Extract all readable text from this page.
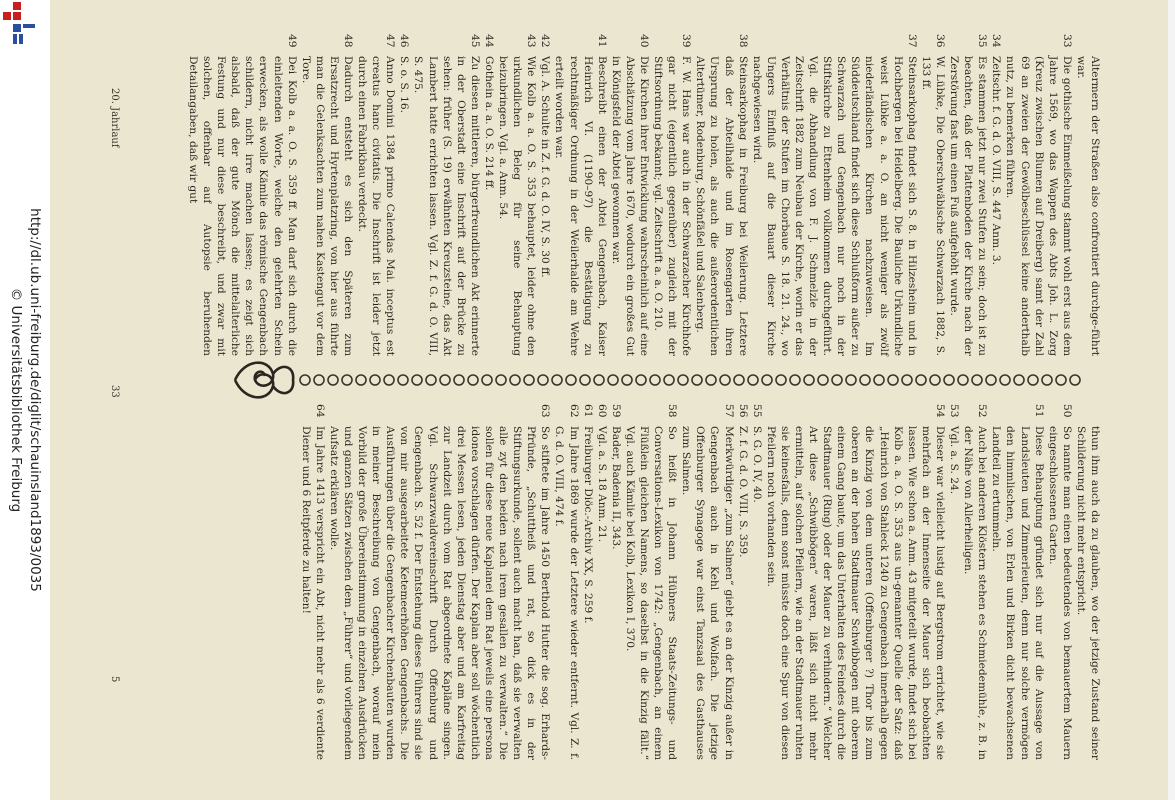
http://dl.ub.uni-freiburg.de/diglit/schauinsland1893/0035
© Universitätsbibliothek Freiburg
Altermern der Straßen also confrontiert durchge-führt war.
33Die gothische Einmeißelung stammt wohl erst aus dem Jahre 1569, wo das Wappen des Abts Joh. L. Zorg (Kreuz zwischen Blumen auf Dreiberg) samt der Zahl 69 an zweien der Gewölbeschlüssel keine anderthalb nutz, zu bemerken führen.
34Zeitschr. f. G. d. O. VIII, S. 447 Anm. 3.
35Es stammen jetzt nur zwei Stufen zu sein; doch ist zu beachten, daß der Plattenboden der Kirche nach der Zerstörung fast um einen Fuß aufgehöht wurde.
36W. Lübke, Die Oberschwäbische Schwarzach 1882, S. 133 ff.
37Steinsarkophag findet sich S. 8. in Hilzesheim und in Hochbergen bei Heidelberg. Die Bauliche Urkundliche weist Lübke a. a. O. an nicht weniger als zwölf niederländischen Kirchen nachzuweisen. Im Süddeutschland findet sich diese Schlußform außer zu Schwarzach und Gengenbach nur noch in der Stiftskirche zu Ettenheim vollkommen durchgeführt. Vgl. die Abhandlung von F. J. Schmelzle in der Zeitschrift 1882 zum Neubau der Kirche, worin er das Verhältnis der Stufen im Chorbaue S. 18. 21. 24., wo Ungers Einfluß auf die Bauart dieser Kirche nachgewiesen wird.
38Steinsarkophag in Freiburg bei Weilerung. Letztere daß der Abteilhalde und im Rosengarten ihren Ursprung zu holen, als auch die außerordentlichen Altertümer, Rodenburg, Schönfäßel und Salenberg.
39F. W. Hans war auch in der Schwarzacher Kirchhofe gar nicht (eigentlich gegenüber) zugleich mit der Stiftsordnung bekannt; vgl. Zeitschrift a. a. O. 210.
40Die Kirchen ihrer Entwicklung wahrscheinlich auf eine Abschätzung vom Jahre 1670, wodurch ein großes Gut in Königsfeld der Abtei gewonnen war.
41Beschreibt einen der Abtei Gengenbach, Kaiser Heinrich VI. (1190–97) die Bestätigung zu rechtmäßiger Ordnung in der Weilerhalde am Wehre erteilt worden war.
42Vgl. A. Schulte in Z. f. G. d. O. IV, S. 30 ff.
43Wie Kolb a. a. O. S. 353 behauptet, leider ohne den urkundlichen Beleg für seine Behauptung beizubringen. Vgl. a. Anm. 54.
44Gothein a. a. O. S. 214 ff.
45Zu diesen mittleren, bürgerfreundlichen Akt erinnerte in der Oberstadt eine Inschrift auf der Brücke zu sehen: früher (S. 19) erwähnten Kreuzsteine, das Akt Lambert hatte errichten lassen. Vgl. Z. f. G. d. O. VIII, S. 475.
46S. o. S. 16.
47Anno Domini 1384 primo Calendas Mai. inceptus est creatus hanc civitatis. Die Inschrift ist leider jetzt durch einen Fabrikbau verdeckt.
48Dadurch entsteht es sich den Späteren zum Ersatzrecht und Hyrtenplatzring, von hier aus führte man die Gelenksachten zum nahen Kastengut vor dem Tore.
49Dei Kolb a. a. O. S. 359 ff. Man darf sich durch die einleitenden Worte, welche den gelehrten Schein erwecken, als wolle Kämlie das römische Gengenbach schildern, nicht irre machen lassen; es zeigt sich alsbald, daß der gute Mönch die mittelalterliche Festung und nur diese beschreibt, und zwar mit solchen, offenbar auf Autopsie beruhenden Detailangaben, daß wir gut
thun ihm auch da zu glauben, wo der jetzige Zustand seiner Schilderung nicht mehr entspricht.
50So nannte man einen bedeutendes von bemauertem Mauern eingeschlossenen Garten.
51Diese Behauptung gründet sich nur auf die Aussage von Landsleuten und Zimmerleuten, denn nur solche vermögen den himmlischen, von Erlen und Birken dicht bewachsenen Landteil zu ertummeln.
52Auch bei anderen Klöstern stehen es Schmiedemühle, z. B. in der Nähe von Allerheiligen.
53Vgl. a. S. 24.
54Dieser war vielleicht lustig auf Bergstrom errichtet, wie sie mehrfach an der Innenseite der Mauer sich beobachten lassen. Wie schon a. Anm. 43 mitgeteilt wurde, findet sich bei Kolb a. a. O. S. 353 aus un-genannter Quelle der Satz: daß „Heinrich von Stahleck 1240 zu Gengenbach innerhalb gegen die Kinzig von dem unteren (Offenburger ?) Thor bis zum oberen an der hohen Stadtmauer Schwibbogen mit oberem einem Gang baute, um das Unterhalten des Feindes durch die Stadtmauer (Ring) oder der Mauer zu verhindern.“ Welcher Art diese „Schwibbögen“ waren, läßt sich nicht mehr ermitteln, auf solchen Pfeilern, wie an der Stadtmauer ruhten sie keinesfalls, denn sonst müsste doch eine Spur von diesen Pfeilern noch vorhanden sein.
55S. G. O. IV, 40.
56Z. f. G. d. O. VIII, S. 359.
57Merkwürdiger „zum Salmen“ giebt es an der Kinzig außer in Gengenbach auch in Kehl und Wolfach. Die jetzige Offenburger Synagoge war einst Tanzsaal des Gasthauses zum Salmen.
58So heißt in Johann Hübners Staats-Zeitungs- und Conversations-Lexikon von 1742: „Gengenbach, an einem Flüßlein gleichen Namens, so daselbst in die Kinzig fällt.“ Vgl. auch Kämlie bei Kolb, Lexikon I, 370.
59Bader, Badenia II, 343.
60Vgl. a. S. 18 Anm. 21.
61Freiburger Diöc.-Archiv XX, S. 259 f.
62Im Jahre 1869 wurde der Letztere wieder entfernt. Vgl. Z. f. G. d. O. VIII, 474 f.
63So stiftete im Jahre 1450 Berthold Hutter die sog. Erhards-Pfründe, „Schuttheiß und rat, so dick es in der Stiftungsurkunde, sollent auch macht han, daß sie verwalten alle zyt den beiden nach irem gesallen zu verwalten.“ Die sollen für diese neue Kaplanei dem Rat jeweils eine persona idonea vorschlagen dürfen. Der Kaplan aber soll wöchentlich drei Messen lesen, jeden Dienstag aber und am Karfreitag zur Landzeit durch vom Rat abgeordnete Kapläne singen. Vgl. Schwarzwaldvereinschrift Durch Offenburg und Gengenbach. S. 52 f. Der Entstehung dieses Führers sind sie von mir ausgearbeitete Ketemeerhöhen Gengenbachs. Die Ausführungen über die Gengenbacher Kirchenbauten wurden in meiner Beschreibung von Gengenbach, worauf mein Vorbild der große Übereinstimmung in einzelnen Ausdrücken und ganzen Sätzen zwischen dem „Führer“ und vorliegendem Aufsatz erklären wolle.
64Im Jahre 1413 verspricht ein Abt, nicht mehr als 6 verdiente Diener und 6 Reitpferde zu halten!
20. Jahrlauf
33
5
